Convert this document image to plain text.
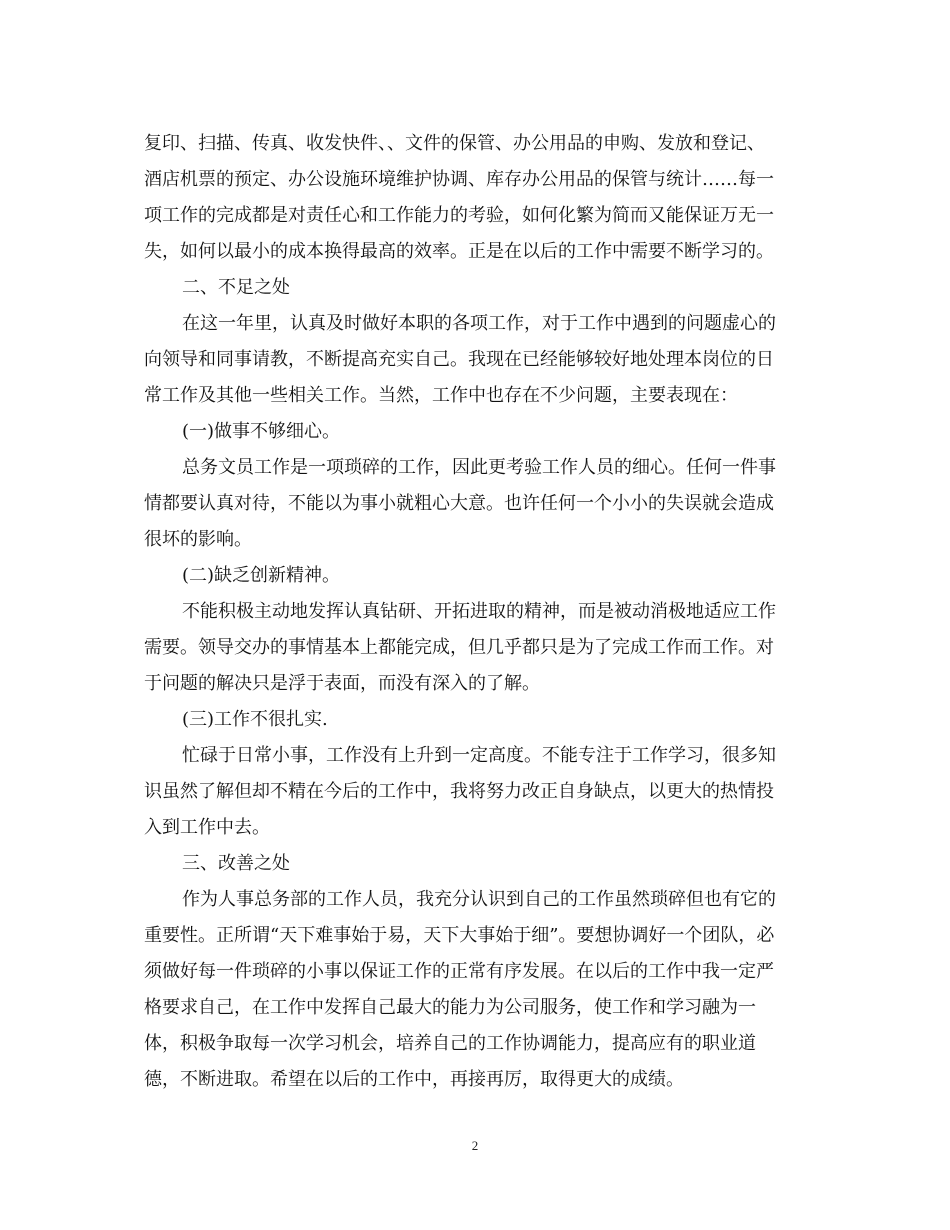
复印、扫描、传真、收发快件、、文件的保管、办公用品的申购、发放和登记、

酒店机票的预定、办公设施环境维护协调、库存办公用品的保管与统计……每一

项工作的完成都是对责任心和工作能力的考验，如何化繁为简而又能保证万无一

失，如何以最小的成本换得最高的效率。正是在以后的工作中需要不断学习的。

二、不足之处

在这一年里，认真及时做好本职的各项工作，对于工作中遇到的问题虚心的

向领导和同事请教，不断提高充实自己。我现在已经能够较好地处理本岗位的日

常工作及其他一些相关工作。当然，工作中也存在不少问题，主要表现在：

(一)做事不够细心。

总务文员工作是一项琐碎的工作，因此更考验工作人员的细心。任何一件事

情都要认真对待，不能以为事小就粗心大意。也许任何一个小小的失误就会造成

很坏的影响。

(二)缺乏创新精神。

不能积极主动地发挥认真钻研、开拓进取的精神，而是被动消极地适应工作

需要。领导交办的事情基本上都能完成，但几乎都只是为了完成工作而工作。对

于问题的解决只是浮于表面，而没有深入的了解。

(三)工作不很扎实.

忙碌于日常小事，工作没有上升到一定高度。不能专注于工作学习，很多知

识虽然了解但却不精在今后的工作中，我将努力改正自身缺点，以更大的热情投

入到工作中去。

三、改善之处

作为人事总务部的工作人员，我充分认识到自己的工作虽然琐碎但也有它的

重要性。正所谓“天下难事始于易，天下大事始于细”。要想协调好一个团队，必

须做好每一件琐碎的小事以保证工作的正常有序发展。在以后的工作中我一定严

格要求自己，在工作中发挥自己最大的能力为公司服务，使工作和学习融为一

体，积极争取每一次学习机会，培养自己的工作协调能力，提高应有的职业道

德，不断进取。希望在以后的工作中，再接再厉，取得更大的成绩。

2
